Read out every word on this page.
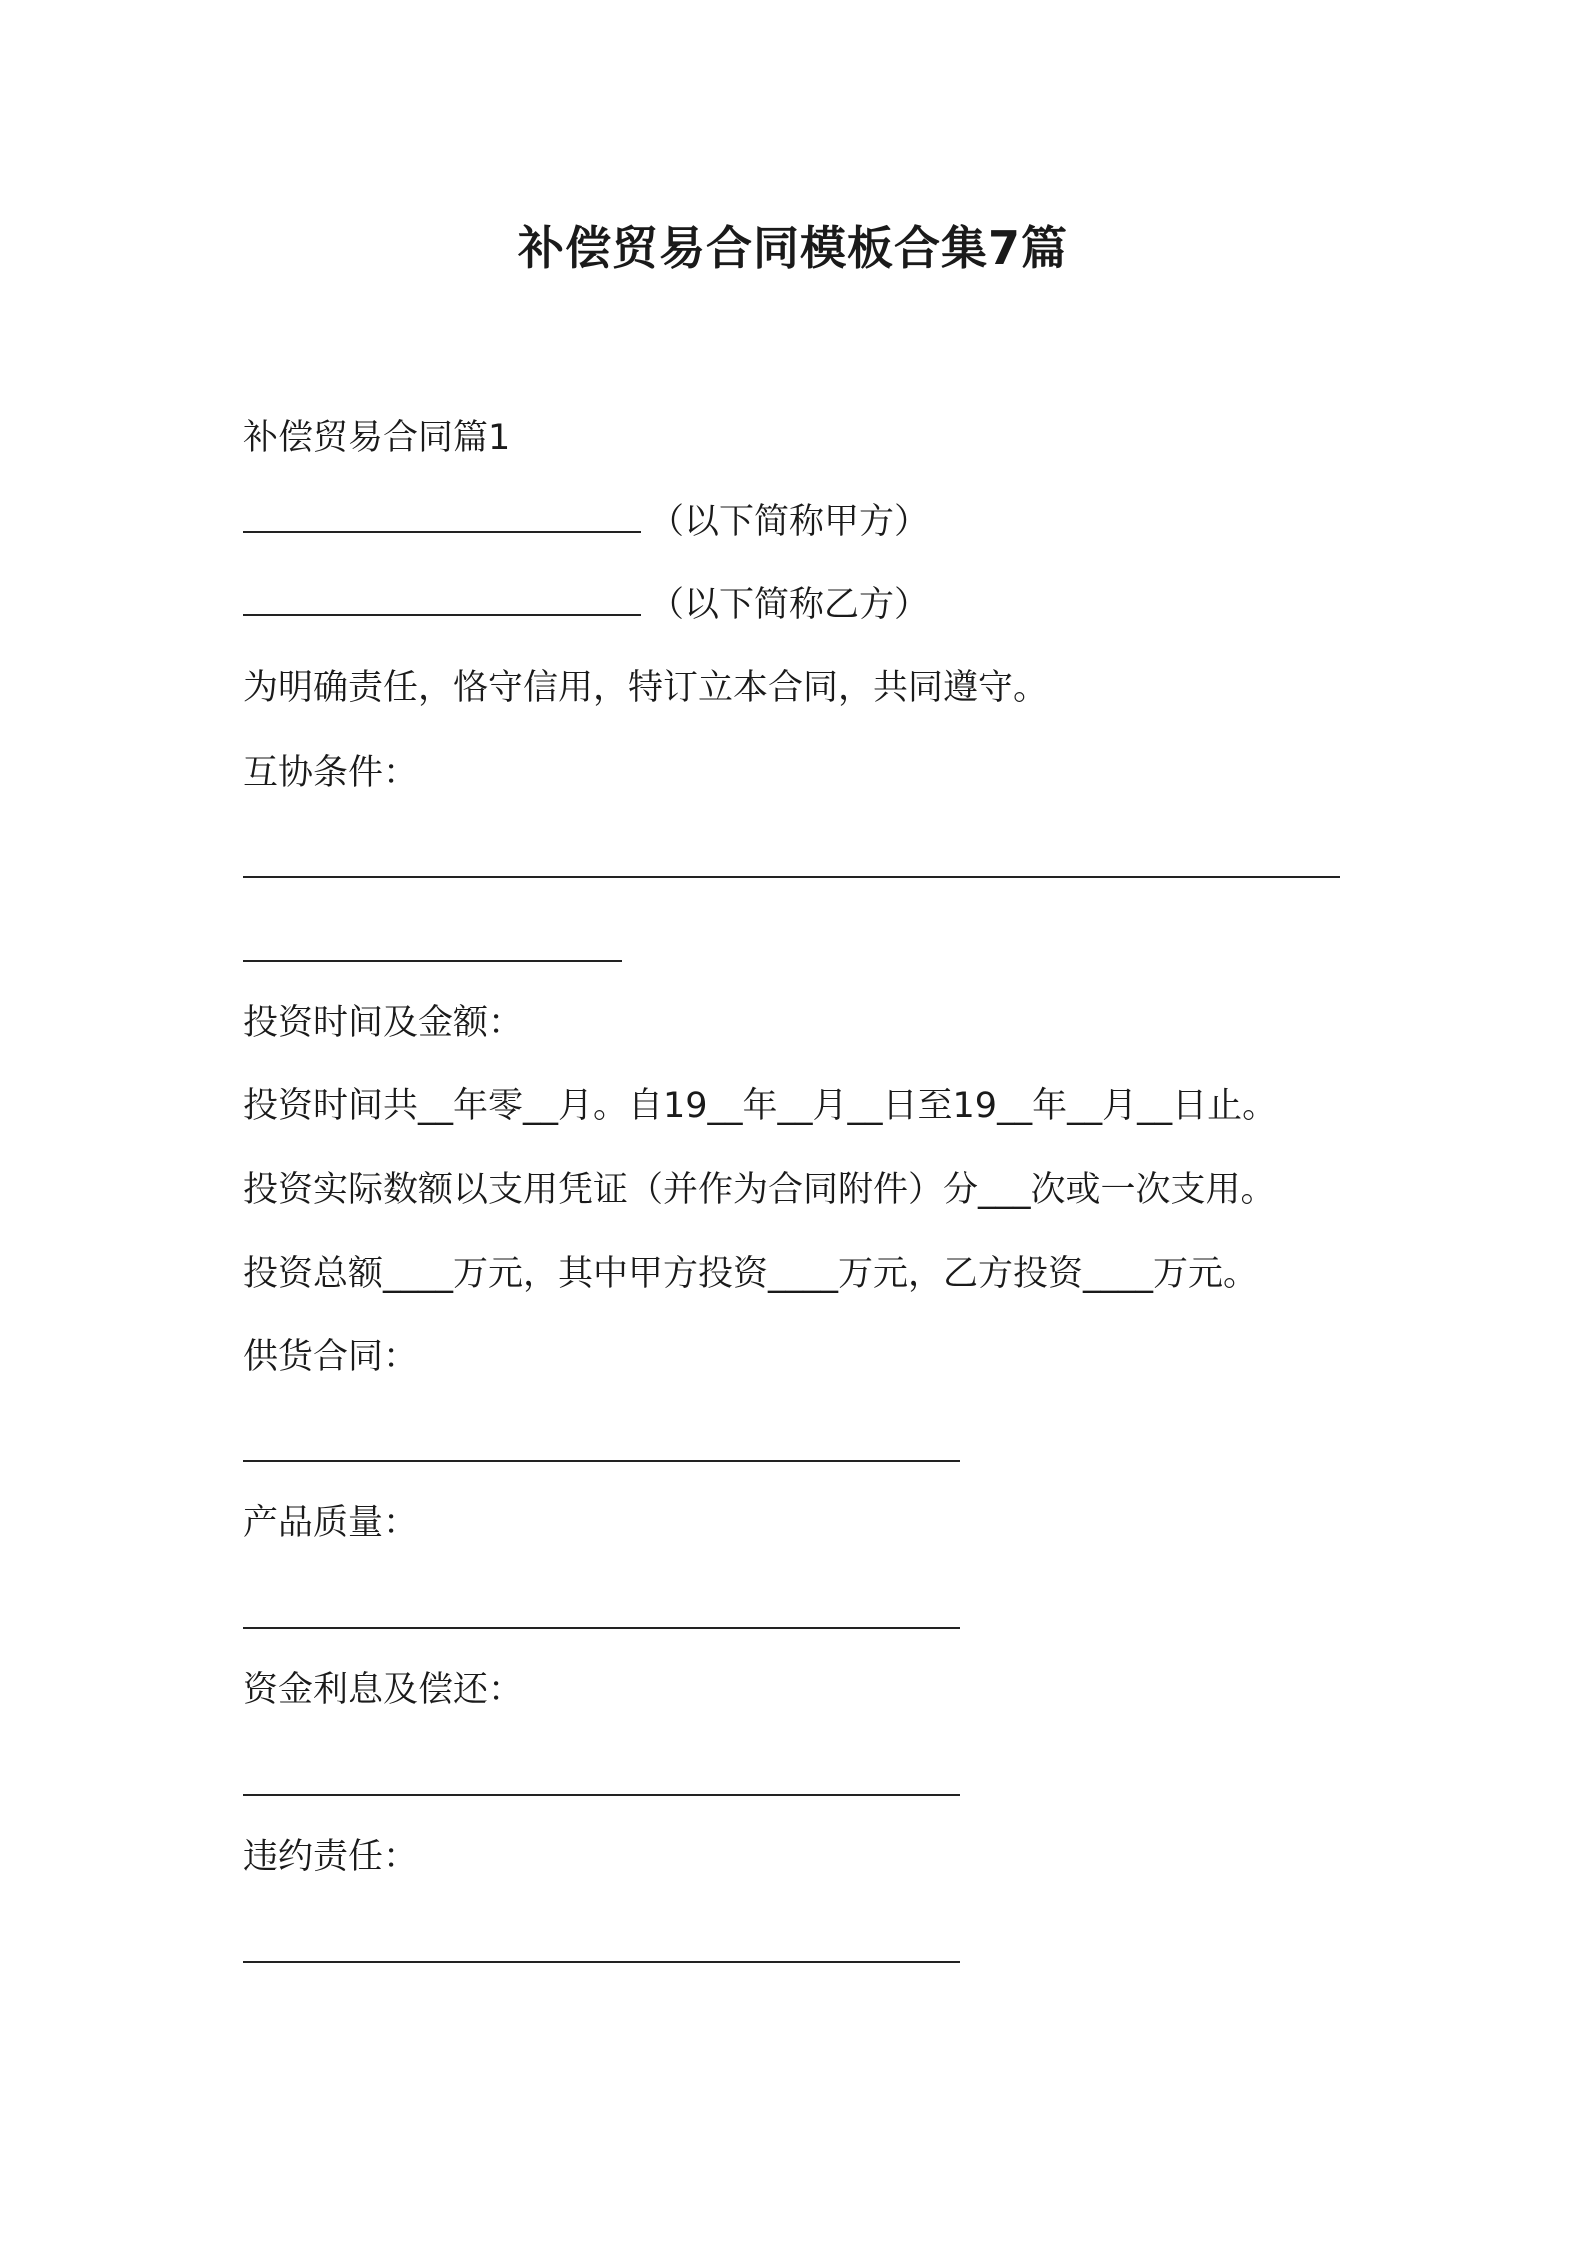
补偿贸易合同模板合集7篇
补偿贸易合同篇1
（以下简称甲方）
（以下简称乙方）
为明确责任，恪守信用，特订立本合同，共同遵守。
互协条件：
投资时间及金额：
投资时间共__年零__月。自19__年__月__日至19__年__月__日止。
投资实际数额以支用凭证（并作为合同附件）分___次或一次支用。
投资总额____万元，其中甲方投资____万元，乙方投资____万元。
供货合同：
产品质量：
资金利息及偿还：
违约责任：
